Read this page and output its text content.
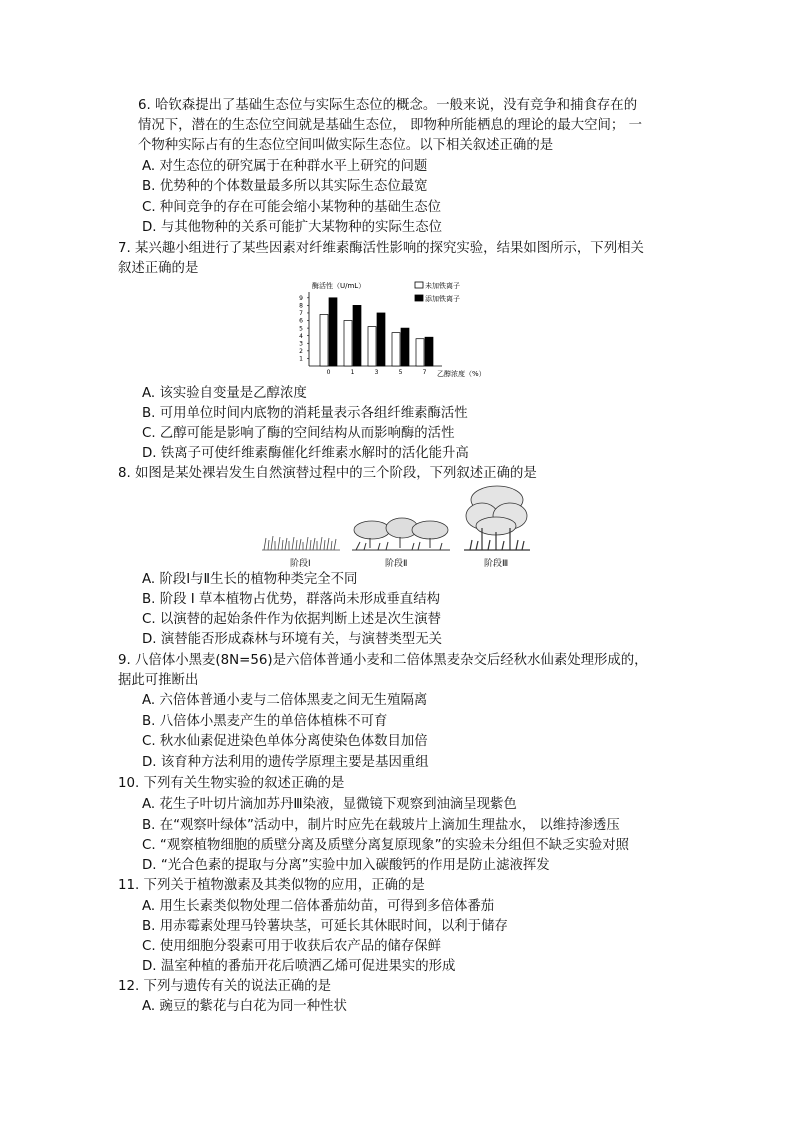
6. 哈钦森提出了基础生态位与实际生态位的概念。一般来说，没有竞争和捕食存在的
情况下，潜在的生态位空间就是基础生态位， 即物种所能栖息的理论的最大空间； 一
个物种实际占有的生态位空间叫做实际生态位。以下相关叙述正确的是
A. 对生态位的研究属于在种群水平上研究的问题
B. 优势种的个体数量最多所以其实际生态位最宽
C. 种间竞争的存在可能会缩小某物种的基础生态位
D. 与其他物种的关系可能扩大某物种的实际生态位
7. 某兴趣小组进行了某些因素对纤维素酶活性影响的探究实验，结果如图所示，下列相关
叙述正确的是
酶活性（U/mL）	未加铁离子
添加铁离子
1
2
3
4
5
6
7
8
9
0	1	3	5	7 乙醇浓度（%）
A. 该实验自变量是乙醇浓度
B. 可用单位时间内底物的消耗量表示各组纤维素酶活性
C. 乙醇可能是影响了酶的空间结构从而影响酶的活性
D. 铁离子可使纤维素酶催化纤维素水解时的活化能升高
8. 如图是某处裸岩发生自然演替过程中的三个阶段，下列叙述正确的是
阶段Ⅰ	阶段Ⅱ	阶段Ⅲ
A. 阶段Ⅰ与Ⅱ生长的植物种类完全不同
B. 阶段 Ⅰ 草本植物占优势，群落尚未形成垂直结构
C. 以演替的起始条件作为依据判断上述是次生演替
D. 演替能否形成森林与环境有关，与演替类型无关
9. 八倍体小黑麦(8N=56)是六倍体普通小麦和二倍体黑麦杂交后经秋水仙素处理形成的，
据此可推断出
A. 六倍体普通小麦与二倍体黑麦之间无生殖隔离
B. 八倍体小黑麦产生的单倍体植株不可育
C. 秋水仙素促进染色单体分离使染色体数目加倍
D. 该育种方法利用的遗传学原理主要是基因重组
10. 下列有关生物实验的叙述正确的是
A. 花生子叶切片滴加苏丹Ⅲ染液，显微镜下观察到油滴呈现紫色
B. 在“观察叶绿体”活动中，制片时应先在载玻片上滴加生理盐水， 以维持渗透压
C. “观察植物细胞的质壁分离及质壁分离复原现象”的实验未分组但不缺乏实验对照
D. “光合色素的提取与分离”实验中加入碳酸钙的作用是防止滤液挥发
11. 下列关于植物激素及其类似物的应用，正确的是
A. 用生长素类似物处理二倍体番茄幼苗，可得到多倍体番茄
B. 用赤霉素处理马铃薯块茎，可延长其休眠时间，以利于储存
C. 使用细胞分裂素可用于收获后农产品的储存保鲜
D. 温室种植的番茄开花后喷洒乙烯可促进果实的形成
12. 下列与遗传有关的说法正确的是
A. 豌豆的紫花与白花为同一种性状
